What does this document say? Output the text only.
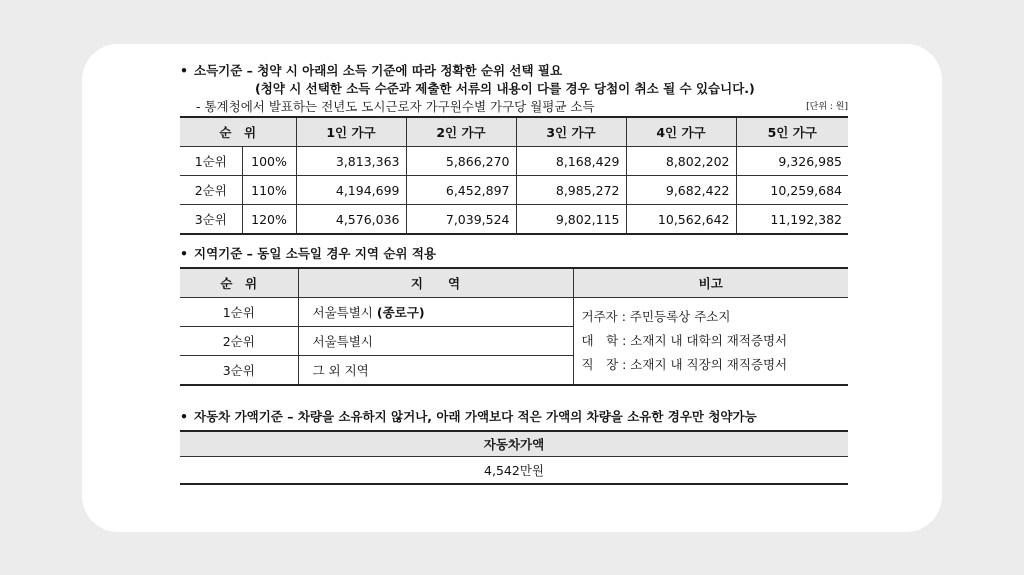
• 소득기준 – 청약 시 아래의 소득 기준에 따라 정확한 순위 선택 필요
(청약 시 선택한 소득 수준과 제출한 서류의 내용이 다를 경우 당첨이 취소 될 수 있습니다.)
- 통계청에서 발표하는 전년도 도시근로자 가구원수별 가구당 월평균 소득	[단위 : 원]
순　위		1인 가구	2인 가구	3인 가구	4인 가구	5인 가구
1순위	100%	3,813,363	5,866,270	8,168,429	8,802,202	9,326,985
2순위	110%	4,194,699	6,452,897	8,985,272	9,682,422	10,259,684
3순위	120%	4,576,036	7,039,524	9,802,115	10,562,642	11,192,382
• 지역기준 – 동일 소득일 경우 지역 순위 적용
순　위	지　　역	비고
1순위	서울특별시 (종로구)	거주자 : 주민등록상 주소지
대　학 : 소재지 내 대학의 재적증명서
직　장 : 소재지 내 직장의 재직증명서

2순위	서울특별시	
3순위	그 외 지역	
• 자동차 가액기준 – 차량을 소유하지 않거나, 아래 가액보다 적은 가액의 차량을 소유한 경우만 청약가능
자동차가액
4,542만원
